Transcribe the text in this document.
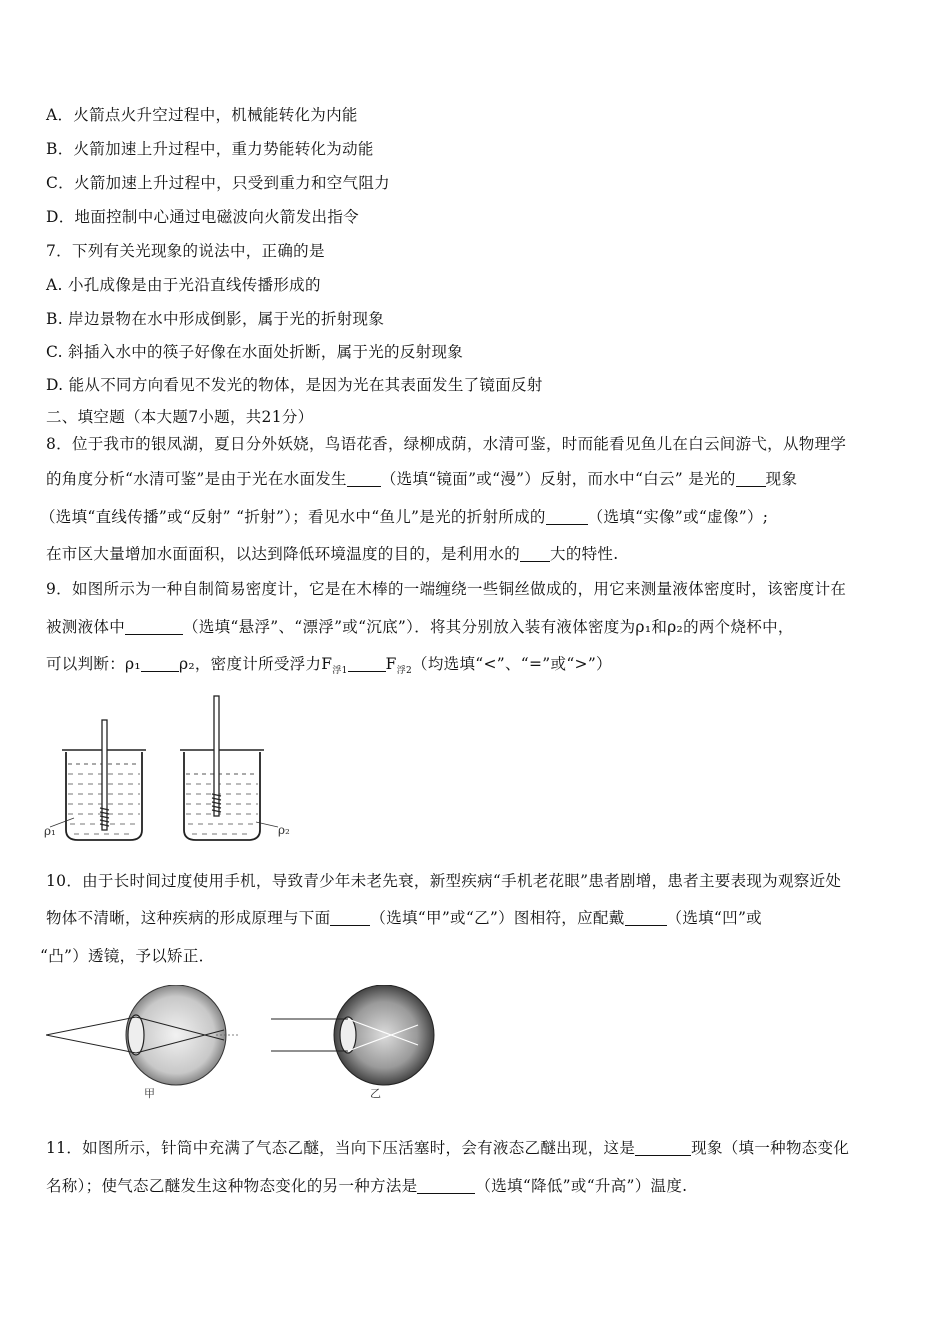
A．火箭点火升空过程中，机械能转化为内能
B．火箭加速上升过程中，重力势能转化为动能
C．火箭加速上升过程中，只受到重力和空气阻力
D．地面控制中心通过电磁波向火箭发出指令
7．下列有关光现象的说法中，正确的是
A. 小孔成像是由于光沿直线传播形成的
B. 岸边景物在水中形成倒影，属于光的折射现象
C. 斜插入水中的筷子好像在水面处折断，属于光的反射现象
D. 能从不同方向看见不发光的物体，是因为光在其表面发生了镜面反射
二、填空题（本大题7小题，共21分）
8．位于我市的银凤湖，夏日分外妖娆，鸟语花香，绿柳成荫，水清可鉴，时而能看见鱼儿在白云间游弋，从物理学
的角度分析“水清可鉴”是由于光在水面发生 （选填“镜面”或“漫”）反射，而水中“白云” 是光的 现象
（选填“直线传播”或“反射” “折射”）；看见水中“鱼儿”是光的折射所成的	（选填“实像”或“虚像”）;
在市区大量增加水面面积，以达到降低环境温度的目的，是利用水的 大的特性.
9．如图所示为一种自制简易密度计，它是在木棒的一端缠绕一些铜丝做成的，用它来测量液体密度时，该密度计在
被测液体中	（选填“悬浮”、“漂浮”或“沉底”）．将其分别放入装有液体密度为ρ₁和ρ₂的两个烧杯中，
可以判断：ρ₁ ρ₂，密度计所受浮力$F_{浮1}$ $F_{浮2}$（均选填“<”、“=”或“>”）
ρ₁	ρ₂
10．由于长时间过度使用手机，导致青少年未老先衰，新型疾病“手机老花眼”患者剧增，患者主要表现为观察近处
物体不清晰，这种疾病的形成原理与下面	（选填“甲”或“乙”）图相符，应配戴	（选填“凹”或
“凸”）透镜，予以矫正．
甲	乙
11．如图所示，针筒中充满了气态乙醚，当向下压活塞时，会有液态乙醚出现，这是	现象（填一种物态变化
名称）；使气态乙醚发生这种物态变化的另一种方法是	（选填“降低”或“升高”）温度.
